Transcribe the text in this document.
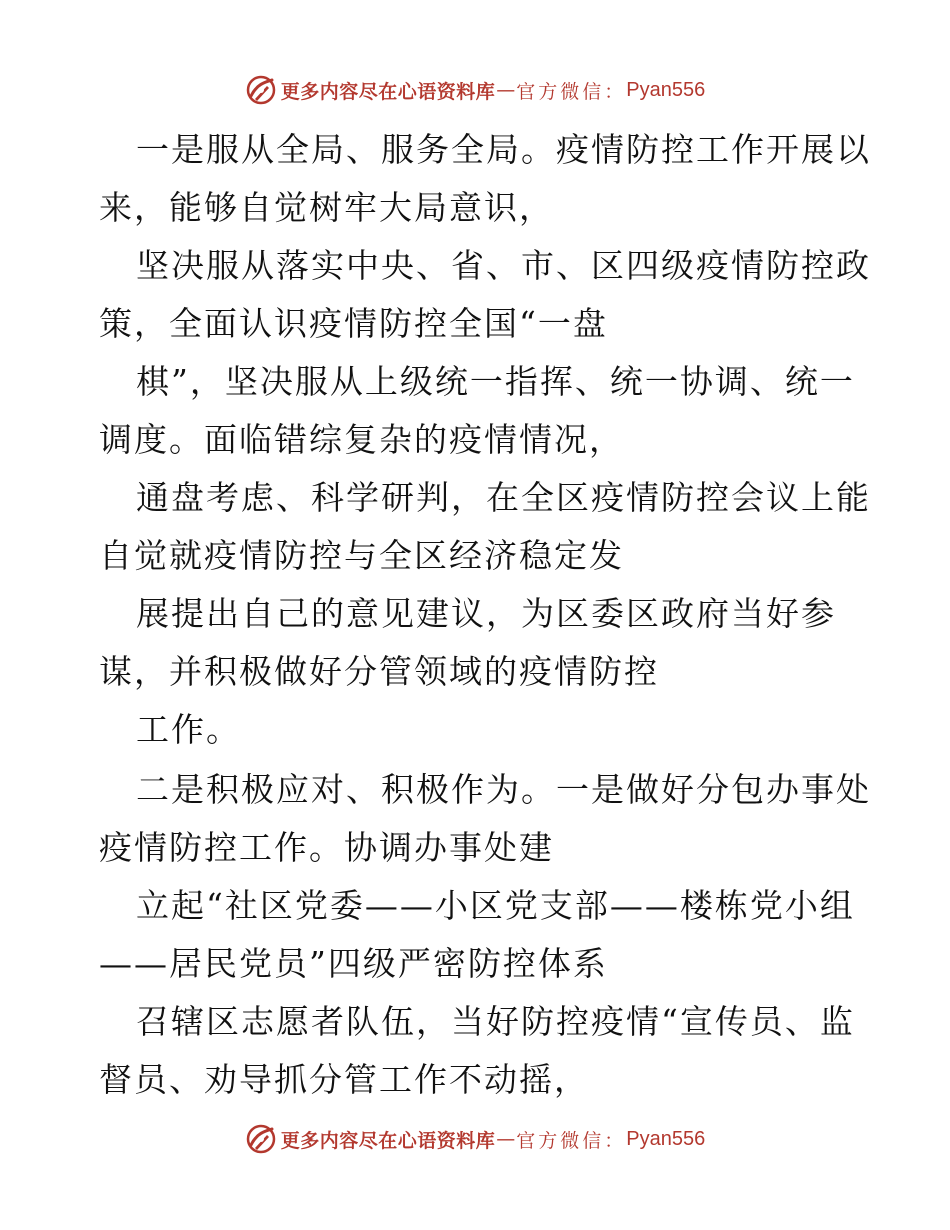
更多内容尽在心语资料库 — 官方微信： Pyan556
一是服从全局、服务全局。疫情防控工作开展以
来，能够自觉树牢大局意识，
坚决服从落实中央、省、市、区四级疫情防控政
策，全面认识疫情防控全国“一盘
棋”，坚决服从上级统一指挥、统一协调、统一
调度。面临错综复杂的疫情情况，
通盘考虑、科学研判，在全区疫情防控会议上能
自觉就疫情防控与全区经济稳定发
展提出自己的意见建议，为区委区政府当好参
谋，并积极做好分管领域的疫情防控
工作。
二是积极应对、积极作为。一是做好分包办事处
疫情防控工作。协调办事处建
立起“社区党委——小区党支部——楼栋党小组
——居民党员”四级严密防控体系
召辖区志愿者队伍，当好防控疫情“宣传员、监
督员、劝导抓分管工作不动摇，
更多内容尽在心语资料库 — 官方微信： Pyan556
